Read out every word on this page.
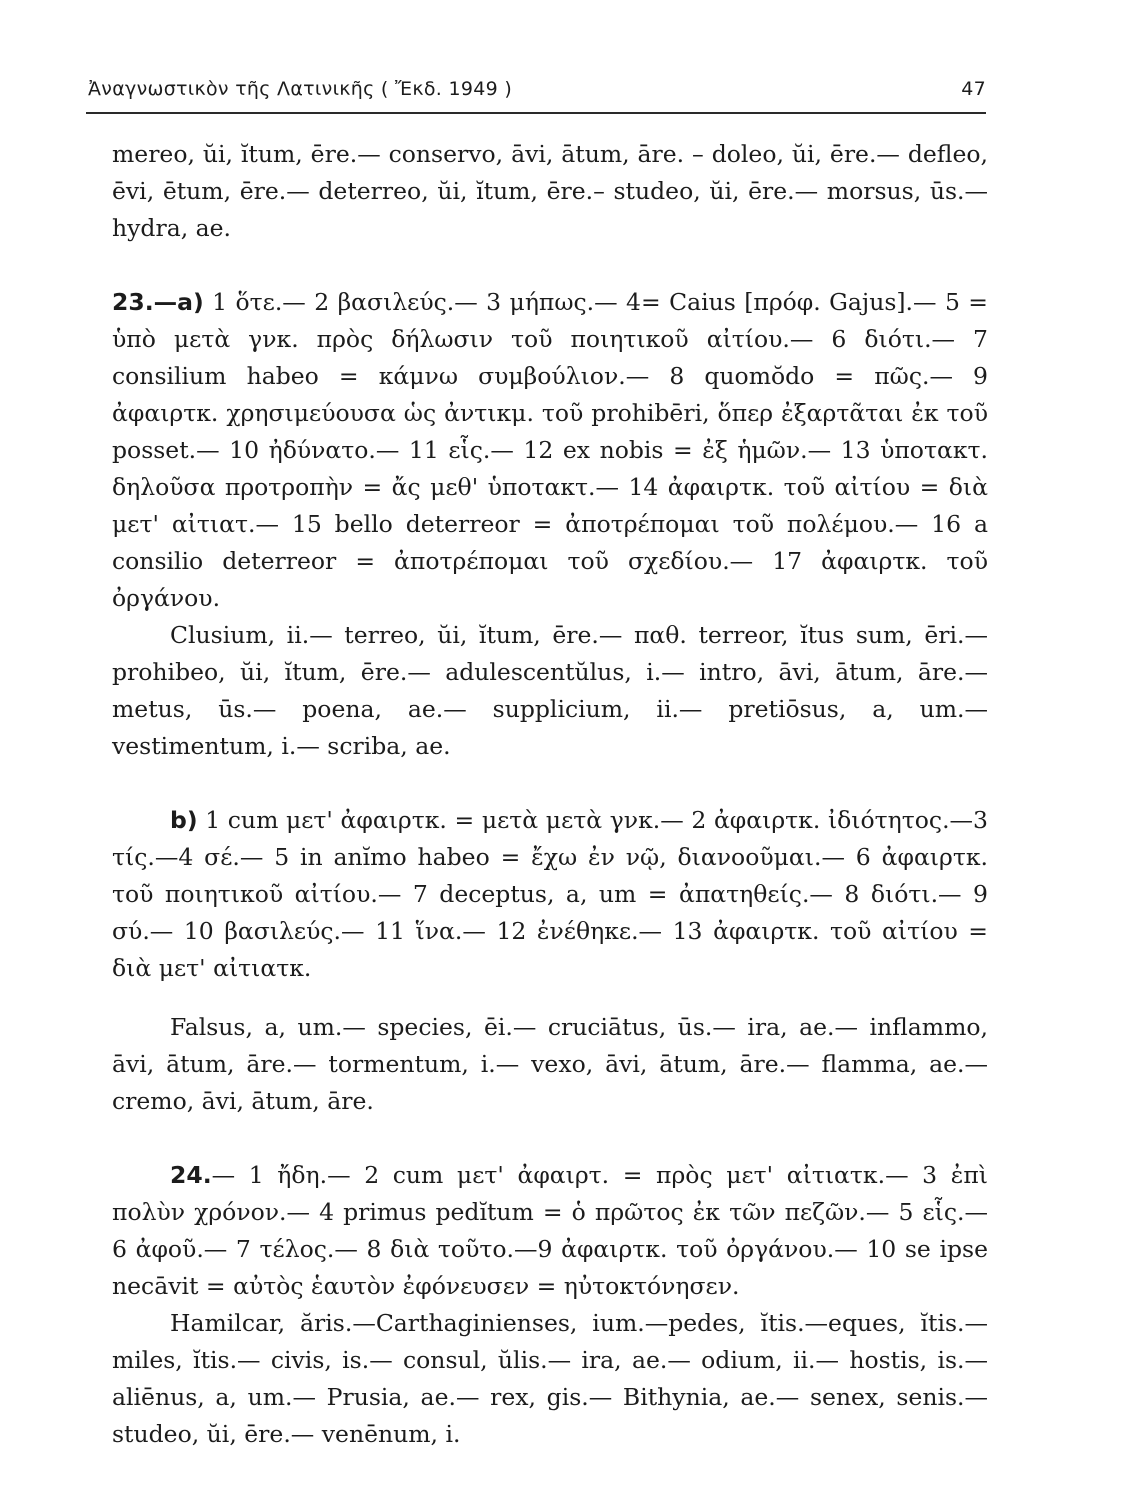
Ἀναγνωστικὸν τῆς Λατινικῆς ( Ἔκδ. 1949 )	47

mereo, ŭi, ĭtum, ēre.— conservo, āvi, ātum, āre. – doleo, ŭi, ēre.— defleo, ēvi, ētum, ēre.— deterreo, ŭi, ĭtum, ēre.– studeo, ŭi, ēre.— morsus, ūs.— hydra, ae.

23.—a) 1 ὅτε.— 2 βασιλεύς.— 3 μήπως.— 4= Caius [πρόφ. Gajus].— 5 = ὑπὸ μετὰ γνκ. πρὸς δήλωσιν τοῦ ποιητικοῦ αἰτίου.— 6 διότι.— 7 consilium habeo = κάμνω συμβούλιον.— 8 quomŏdo = πῶς.— 9 ἀφαιρτκ. χρησιμεύουσα ὡς ἀντικμ. τοῦ prohibēri, ὅπερ ἐξαρτᾶται ἐκ τοῦ posset.— 10 ἠδύνατο.— 11 εἷς.— 12 ex nobis = ἐξ ἡμῶν.— 13 ὑποτακτ. δηλοῦσα προτροπὴν = ἄς μεθ' ὑποτακτ.— 14 ἀφαιρτκ. τοῦ αἰτίου = διὰ μετ' αἰτιατ.— 15 bello deterreor = ἀποτρέπομαι τοῦ πολέμου.— 16 a consilio deterreor = ἀποτρέπομαι τοῦ σχεδίου.— 17 ἀφαιρτκ. τοῦ ὀργάνου.

Clusium, ii.— terreo, ŭi, ĭtum, ēre.— παθ. terreor, ĭtus sum, ēri.— prohibeo, ŭi, ĭtum, ēre.— adulescentŭlus, i.— intro, āvi, ātum, āre.— metus, ūs.— poena, ae.— supplicium, ii.— pretiōsus, a, um.— vestimentum, i.— scriba, ae.

b) 1 cum μετ' ἀφαιρτκ. = μετὰ μετὰ γνκ.— 2 ἀφαιρτκ. ἰδιότητος.—3 τίς.—4 σέ.— 5 in anĭmo habeo = ἔχω ἐν νῷ, διανοοῦμαι.— 6 ἀφαιρτκ. τοῦ ποιητικοῦ αἰτίου.— 7 deceptus, a, um = ἀπατηθείς.— 8 διότι.— 9 σύ.— 10 βασιλεύς.— 11 ἵνα.— 12 ἐνέθηκε.— 13 ἀφαιρτκ. τοῦ αἰτίου = διὰ μετ' αἰτιατκ.

Falsus, a, um.— species, ēi.— cruciātus, ūs.— ira, ae.— inflammo, āvi, ātum, āre.— tormentum, i.— vexo, āvi, ātum, āre.— flamma, ae.— cremo, āvi, ātum, āre.

24.— 1 ἤδη.— 2 cum μετ' ἀφαιρτ. = πρὸς μετ' αἰτιατκ.— 3 ἐπὶ πολὺν χρόνον.— 4 primus pedĭtum = ὁ πρῶτος ἐκ τῶν πεζῶν.— 5 εἷς.— 6 ἀφοῦ.— 7 τέλος.— 8 διὰ τοῦτο.—9 ἀφαιρτκ. τοῦ ὀργάνου.— 10 se ipse necāvit = αὐτὸς ἑαυτὸν ἐφόνευσεν = ηὐτοκτόνησεν.

Hamilcar, ăris.—Carthaginienses, ium.—pedes, ĭtis.—eques, ĭtis.— miles, ĭtis.— civis, is.— consul, ŭlis.— ira, ae.— odium, ii.— hostis, is.—aliēnus, a, um.— Prusia, ae.— rex, gis.— Bithynia, ae.— senex, senis.— studeo, ŭi, ēre.— venēnum, i.
